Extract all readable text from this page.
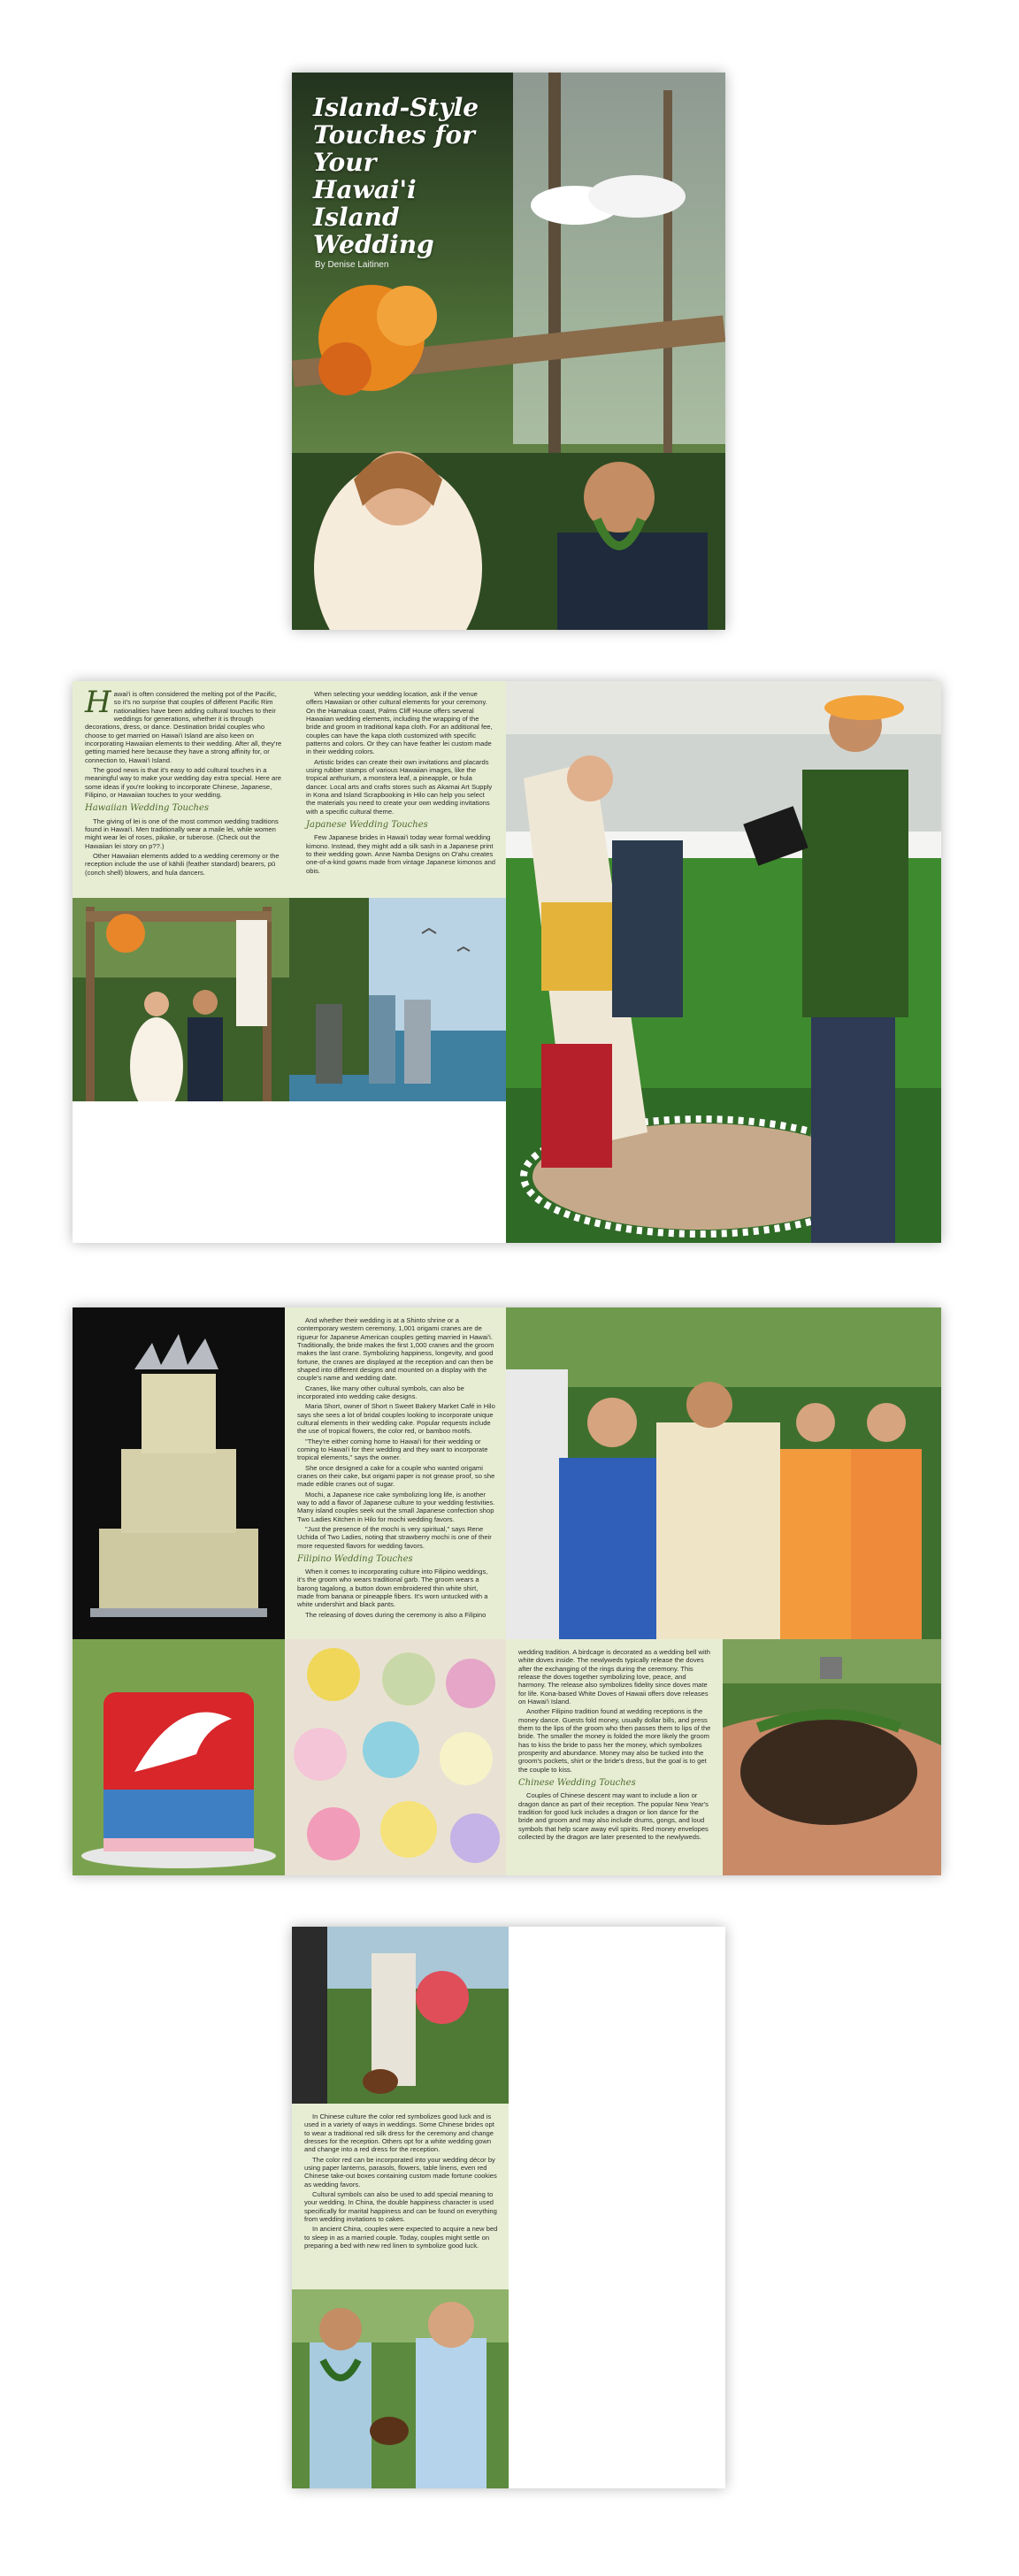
Island-Style Touches for Your Hawai'i Island Wedding
By Denise Laitinen
H awai'i is often considered the melting pot of the Pacific, so it's no surprise that couples of different Pacific Rim nationalities have been adding cultural touches to their weddings for generations, whether it is through decorations, dress, or dance. Destination bridal couples who choose to get married on Hawai'i Island are also keen on incorporating Hawaiian elements to their wedding. After all, they're getting married here because they have a strong affinity for, or connection to, Hawai'i Island.

The good news is that it's easy to add cultural touches in a meaningful way to make your wedding day extra special. Here are some ideas if you're looking to incorporate Chinese, Japanese, Filipino, or Hawaiian touches to your wedding.

Hawaiian Wedding Touches

The giving of lei is one of the most common wedding traditions found in Hawai'i. Men traditionally wear a maile lei, while women might wear lei of roses, pikake, or tuberose. (Check out the Hawaiian lei story on p??.)

Other Hawaiian elements added to a wedding ceremony or the reception include the use of kāhili (feather standard) bearers, pū (conch shell) blowers, and hula dancers.

When selecting your wedding location, ask if the venue offers Hawaiian or other cultural elements for your ceremony. On the Hamakua coast, Palms Cliff House offers several Hawaiian wedding elements, including the wrapping of the bride and groom in traditional kapa cloth. For an additional fee, couples can have the kapa cloth customized with specific patterns and colors. Or they can have feather lei custom made in their wedding colors.

Artistic brides can create their own invitations and placards using rubber stamps of various Hawaiian images, like the tropical anthurium, a monstera leaf, a pineapple, or hula dancer. Local arts and crafts stores such as Akamai Art Supply in Kona and Island Scrapbooking in Hilo can help you select the materials you need to create your own wedding invitations with a specific cultural theme.

Japanese Wedding Touches

Few Japanese brides in Hawai'i today wear formal wedding kimono. Instead, they might add a silk sash in a Japanese print to their wedding gown. Anne Namba Designs on O'ahu creates one-of-a-kind gowns made from vintage Japanese kimonos and obis.

And whether their wedding is at a Shinto shrine or a contemporary western ceremony, 1,001 origami cranes are de rigueur for Japanese American couples getting married in Hawai'i. Traditionally, the bride makes the first 1,000 cranes and the groom makes the last crane. Symbolizing happiness, longevity, and good fortune, the cranes are displayed at the reception and can then be shaped into different designs and mounted on a display with the couple's name and wedding date.

Cranes, like many other cultural symbols, can also be incorporated into wedding cake designs.

Maria Short, owner of Short n Sweet Bakery Market Café in Hilo says she sees a lot of bridal couples looking to incorporate unique cultural elements in their wedding cake. Popular requests include the use of tropical flowers, the color red, or bamboo motifs.

"They're either coming home to Hawai'i for their wedding or coming to Hawai'i for their wedding and they want to incorporate tropical elements," says the owner.

She once designed a cake for a couple who wanted origami cranes on their cake, but origami paper is not grease proof, so she made edible cranes out of sugar.

Mochi, a Japanese rice cake symbolizing long life, is another way to add a flavor of Japanese culture to your wedding festivities. Many island couples seek out the small Japanese confection shop Two Ladies Kitchen in Hilo for mochi wedding favors.

"Just the presence of the mochi is very spiritual," says Rene Uchida of Two Ladies, noting that strawberry mochi is one of their more requested flavors for wedding favors.

Filipino Wedding Touches

When it comes to incorporating culture into Filipino weddings, it's the groom who wears traditional garb. The groom wears a barong tagalong, a button down embroidered thin white shirt, made from banana or pineapple fibers. It's worn untucked with a white undershirt and black pants.

The releasing of doves during the ceremony is also a Filipino

wedding tradition. A birdcage is decorated as a wedding bell with white doves inside. The newlyweds typically release the doves after the exchanging of the rings during the ceremony. This release the doves together symbolizing love, peace, and harmony. The release also symbolizes fidelity since doves mate for life. Kona-based White Doves of Hawaii offers dove releases on Hawai'i Island.

Another Filipino tradition found at wedding receptions is the money dance. Guests fold money, usually dollar bills, and press them to the lips of the groom who then passes them to lips of the bride. The smaller the money is folded the more likely the groom has to kiss the bride to pass her the money, which symbolizes prosperity and abundance. Money may also be tucked into the groom's pockets, shirt or the bride's dress, but the goal is to get the couple to kiss.

Chinese Wedding Touches

Couples of Chinese descent may want to include a lion or dragon dance as part of their reception. The popular New Year's tradition for good luck includes a dragon or lion dance for the bride and groom and may also include drums, gongs, and loud symbols that help scare away evil spirits. Red money envelopes collected by the dragon are later presented to the newlyweds.

In Chinese culture the color red symbolizes good luck and is used in a variety of ways in weddings. Some Chinese brides opt to wear a traditional red silk dress for the ceremony and change dresses for the reception. Others opt for a white wedding gown and change into a red dress for the reception.

The color red can be incorporated into your wedding décor by using paper lanterns, parasols, flowers, table linens, even red Chinese take-out boxes containing custom made fortune cookies as wedding favors.

Cultural symbols can also be used to add special meaning to your wedding. In China, the double happiness character is used specifically for marital happiness and can be found on everything from wedding invitations to cakes.

In ancient China, couples were expected to acquire a new bed to sleep in as a married couple. Today, couples might settle on preparing a bed with new red linen to symbolize good luck.
